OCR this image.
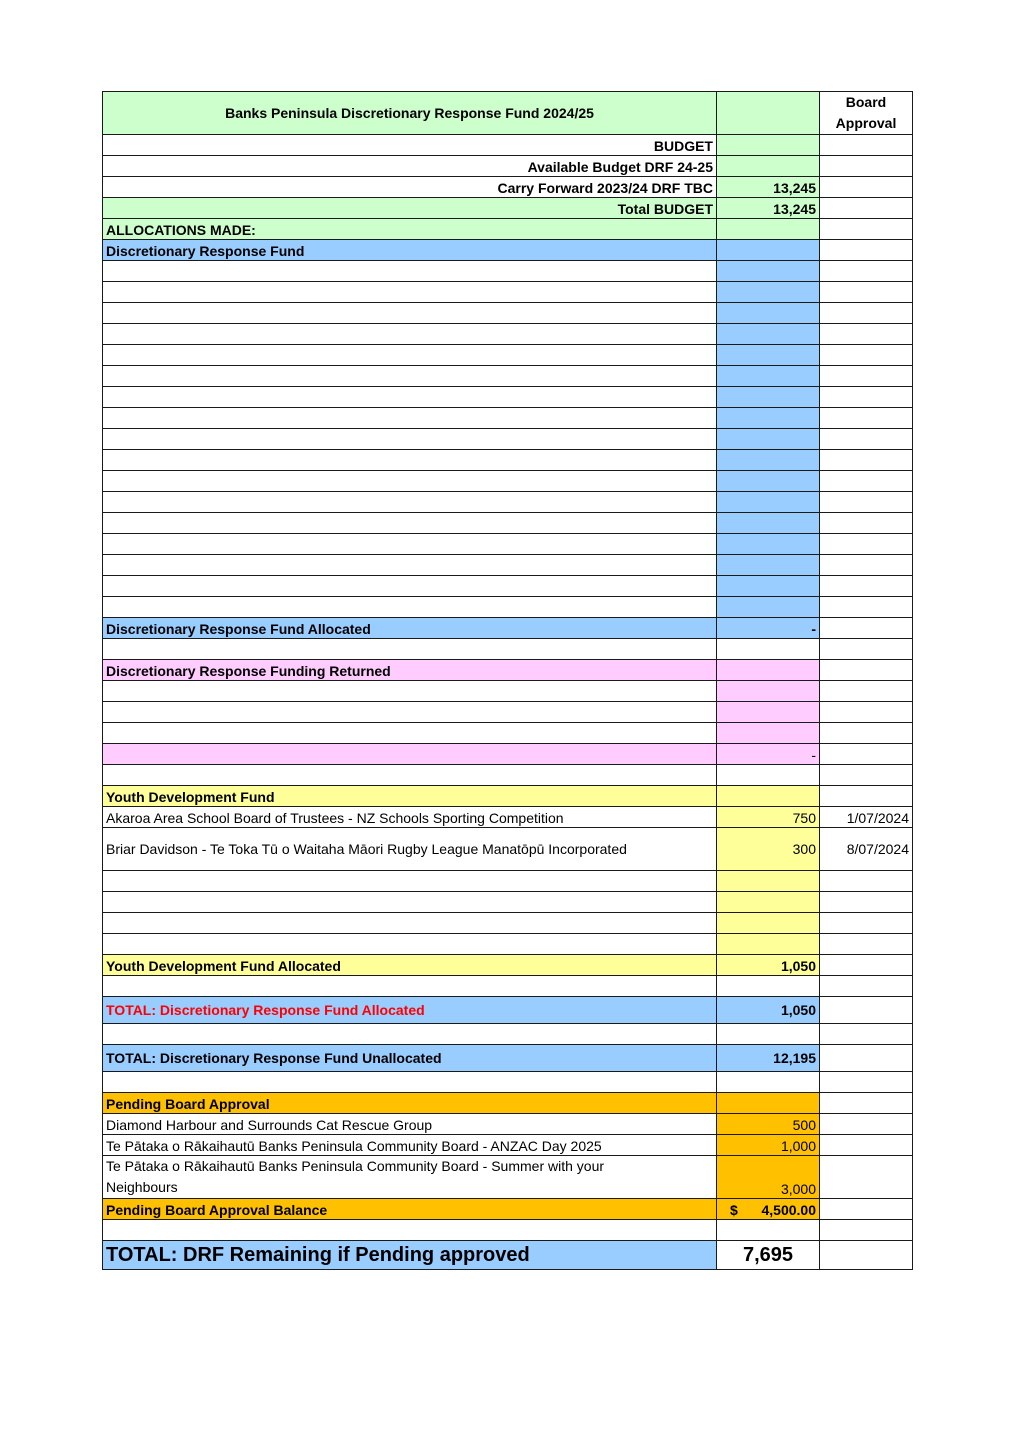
Banks Peninsula Discretionary Response Fund 2024/25		Board Approval
BUDGET		
Available Budget DRF 24-25		
Carry Forward 2023/24 DRF TBC	13,245	
Total BUDGET	13,245	
ALLOCATIONS MADE:		
Discretionary Response Fund		

Discretionary Response Fund Allocated	-	

Discretionary Response Funding Returned		

	-	

Youth Development Fund		
Akaroa Area School Board of Trustees - NZ Schools Sporting Competition	750	1/07/2024
Briar Davidson - Te Toka Tū o Waitaha Māori Rugby League Manatōpū Incorporated	300	8/07/2024

Youth Development Fund Allocated	1,050	

TOTAL: Discretionary Response Fund Allocated	1,050	

TOTAL: Discretionary Response Fund Unallocated	12,195	

Pending Board Approval		
Diamond Harbour and Surrounds Cat Rescue Group	500	
Te Pātaka o Rākaihautū Banks Peninsula Community Board - ANZAC Day 2025	1,000	
Te Pātaka o Rākaihautū Banks Peninsula Community Board - Summer with your Neighbours	3,000	
Pending Board Approval Balance	$ 4,500.00	

TOTAL: DRF Remaining if Pending approved	7,695	
